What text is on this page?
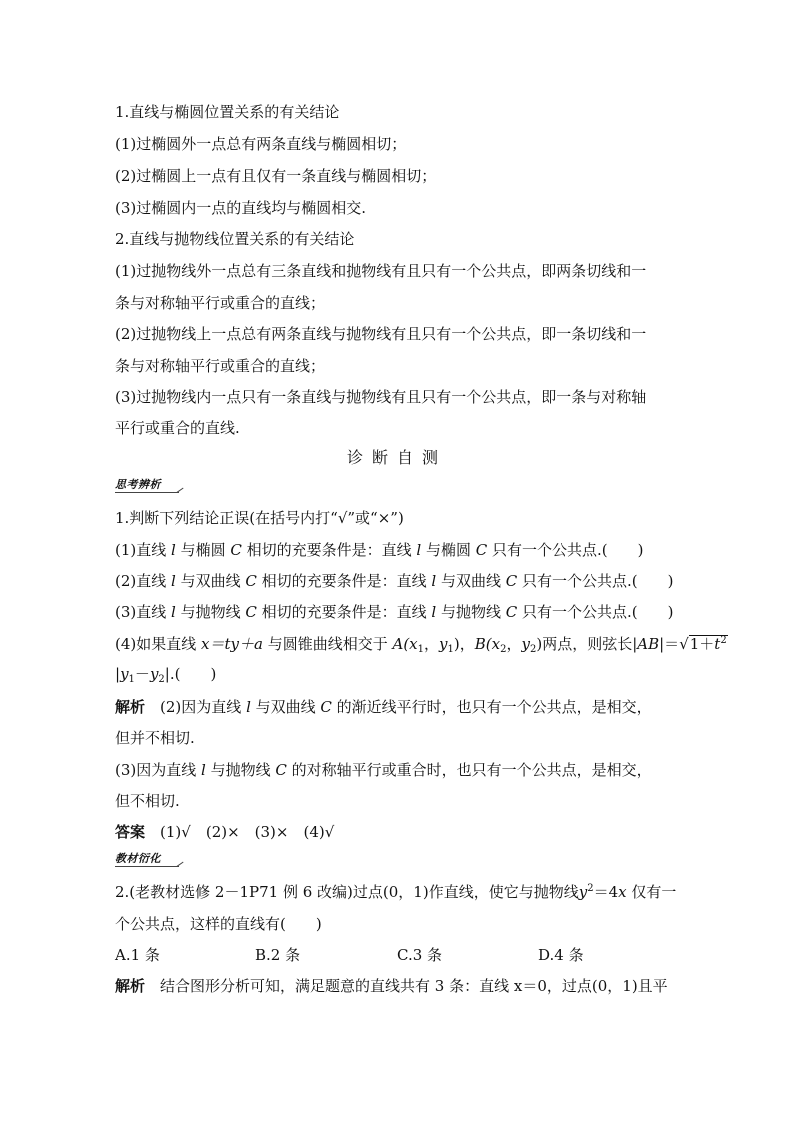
1.直线与椭圆位置关系的有关结论
(1)过椭圆外一点总有两条直线与椭圆相切；
(2)过椭圆上一点有且仅有一条直线与椭圆相切；
(3)过椭圆内一点的直线均与椭圆相交.
2.直线与抛物线位置关系的有关结论
(1)过抛物线外一点总有三条直线和抛物线有且只有一个公共点，即两条切线和一
条与对称轴平行或重合的直线；
(2)过抛物线上一点总有两条直线与抛物线有且只有一个公共点，即一条切线和一
条与对称轴平行或重合的直线；
(3)过抛物线内一点只有一条直线与抛物线有且只有一个公共点，即一条与对称轴
平行或重合的直线.
诊断自测
思考辨析
1.判断下列结论正误(在括号内打“√”或“×”)
(1)直线 l 与椭圆 C 相切的充要条件是：直线 l 与椭圆 C 只有一个公共点.(　　)
(2)直线 l 与双曲线 C 相切的充要条件是：直线 l 与双曲线 C 只有一个公共点.(　　)
(3)直线 l 与抛物线 C 相切的充要条件是：直线 l 与抛物线 C 只有一个公共点.(　　)
(4)如果直线 x＝ty＋a 与圆锥曲线相交于 $A(x_1$，$y_1$)，$B(x_2$，$y_2$)两点，则弦长$|AB|=√1+t^2$
$|y_1-y_2|$.(　　)
解析　 (2)因为直线 l 与双曲线 C 的渐近线平行时，也只有一个公共点，是相交，
但并不相切.
(3)因为直线 l 与抛物线 C 的对称轴平行或重合时，也只有一个公共点，是相交，
但不相切.
答案　 (1)√　(2)×　(3)×　(4)√
教材衍化
2.(老教材选修 2－1P71 例 6 改编)过点(0，1)作直线，使它与抛物线$y^2=4x$ 仅有一
个公共点，这样的直线有(　　)
A.1 条	B.2 条	C.3 条	D.4 条
解析　 结合图形分析可知，满足题意的直线共有 3 条：直线 x＝0，过点(0，1)且平
